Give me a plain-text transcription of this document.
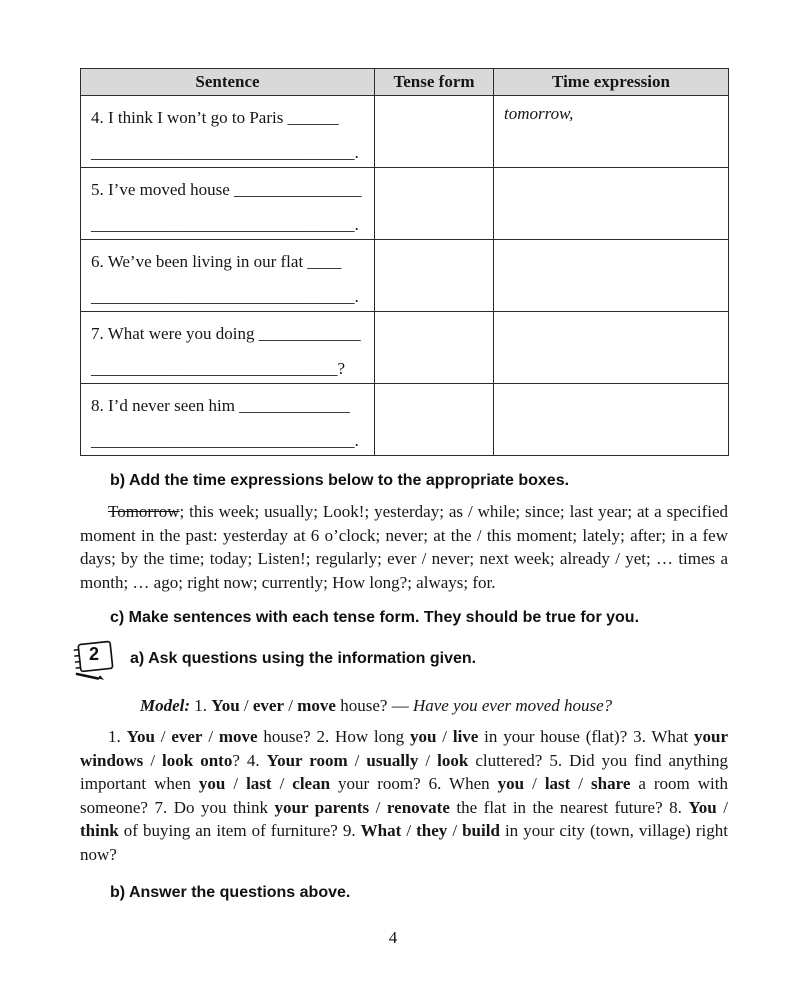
Sentence	Tense form	Time expression

4. I think I won’t go to Paris ______
_______________________________.		tomorrow,

5. I’ve moved house _______________
_______________________________.		

6. We’ve been living in our flat ____
_______________________________.		

7. What were you doing ____________
_____________________________?		

8. I’d never seen him _____________
_______________________________.		

b) Add the time expressions below to the appropriate boxes.
Tomorrow; this week; usually; Look!; yesterday; as / while; since; last year; at a specified moment in the past: yesterday at 6 o’clock; never; at the / this moment; lately; after; in a few days; by the time; today; Listen!; regularly; ever / never; next week; already / yet; … times a month; … ago; right now; currently; How long?; always; for.
c) Make sentences with each tense form. They should be true for you.
2 a) Ask questions using the information given.
Model: 1. You / ever / move house? — Have you ever moved house?
1. You / ever / move house? 2. How long you / live in your house (flat)? 3. What your windows / look onto? 4. Your room / usually / look cluttered? 5. Did you find anything important when you / last / clean your room? 6. When you / last / share a room with someone? 7. Do you think your parents / renovate the flat in the nearest future? 8. You / think of buying an item of furniture? 9. What / they / build in your city (town, village) right now?
b) Answer the questions above.
4
